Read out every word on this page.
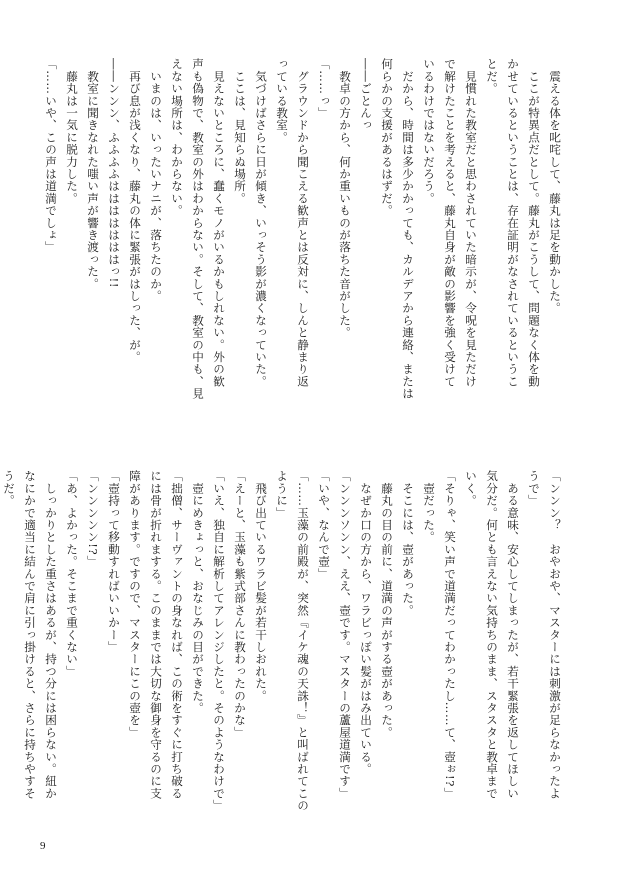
　震える体を叱咤して、藤丸は足を動かした。
　ここが特異点だとして。藤丸がこうして、問題なく体を動
かせているということは、存在証明がなされているというこ
とだ。
　見慣れた教室だと思わされていた暗示が、令呪を見ただけ
で解けたことを考えると、藤丸自身が敵の影響を強く受けて
いるわけではないだろう。
　だから、時間は多少かかっても、カルデアから連絡、または
何らかの支援があるはずだ。
――ごとんっ
　教卓の方から、何か重いものが落ちた音がした。
「……っ」
　グラウンドから聞こえる歓声とは反対に、しんと静まり返
っている教室。
　気づけばさらに日が傾き、いっそう影が濃くなっていた。
　ここは、見知らぬ場所。
　見えないところに、蠢くモノがいるかもしれない。外の歓
声も偽物で、教室の外はわからない。そして、教室の中も、見
えない場所は、わからない。
　いまのは、いったいナニが、落ちたのか。
　再び息が浅くなり、藤丸の体に緊張がはしった、が。
――ンンン、ふふふふはははははははっ!!
　教室に聞きなれた嗤い声が響き渡った。
　藤丸は一気に脱力した。
「……いや、この声は道満でしょ」
「ンンン？　おやおや、マスターには刺激が足らなかったよ
うで」
　ある意味、安心してしまったが、若干緊張を返してほしい
気分だ。何とも言えない気持ちのまま、スタスタと教卓まで
いく。
「そりゃ、笑い声で道満だってわかったし……て、壺ぉ!?」
　壺だった。
　そこには、壺があった。
　藤丸の目の前に、道満の声がする壺があった。
　なぜか口の方から、ワラビっぽい髪がはみ出ている。
「ンンンソンン、ええ、壺です。マスターの蘆屋道満です」
「いや、なんで壺」
「……玉藻の前殿が、突然『イケ魂の天誅！』と叫ばれてこの
ように」
　飛び出ているワラビ髪が若干しおれた。
「えーと、玉藻も紫式部さんに教わったのかな」
「いえ、独自に解析してアレンジしたと。そのようなわけで」
　壺にめきょっと、おなじみの目ができた。
「拙僧、サーヴァントの身なれば、この術をすぐに打ち破る
には骨が折れまする。このままでは大切な御身を守るのに支
障があります。ですので、マスターにこの壺を」
「壺持って移動すればいいかー」
「ンンンンン!?」
「あ、よかった。そこまで重くない」
　しっかりとした重さはあるが、持つ分には困らない。紐か
なにかで適当に結んで肩に引っ掛けると、さらに持ちやすそ
うだ。
9
